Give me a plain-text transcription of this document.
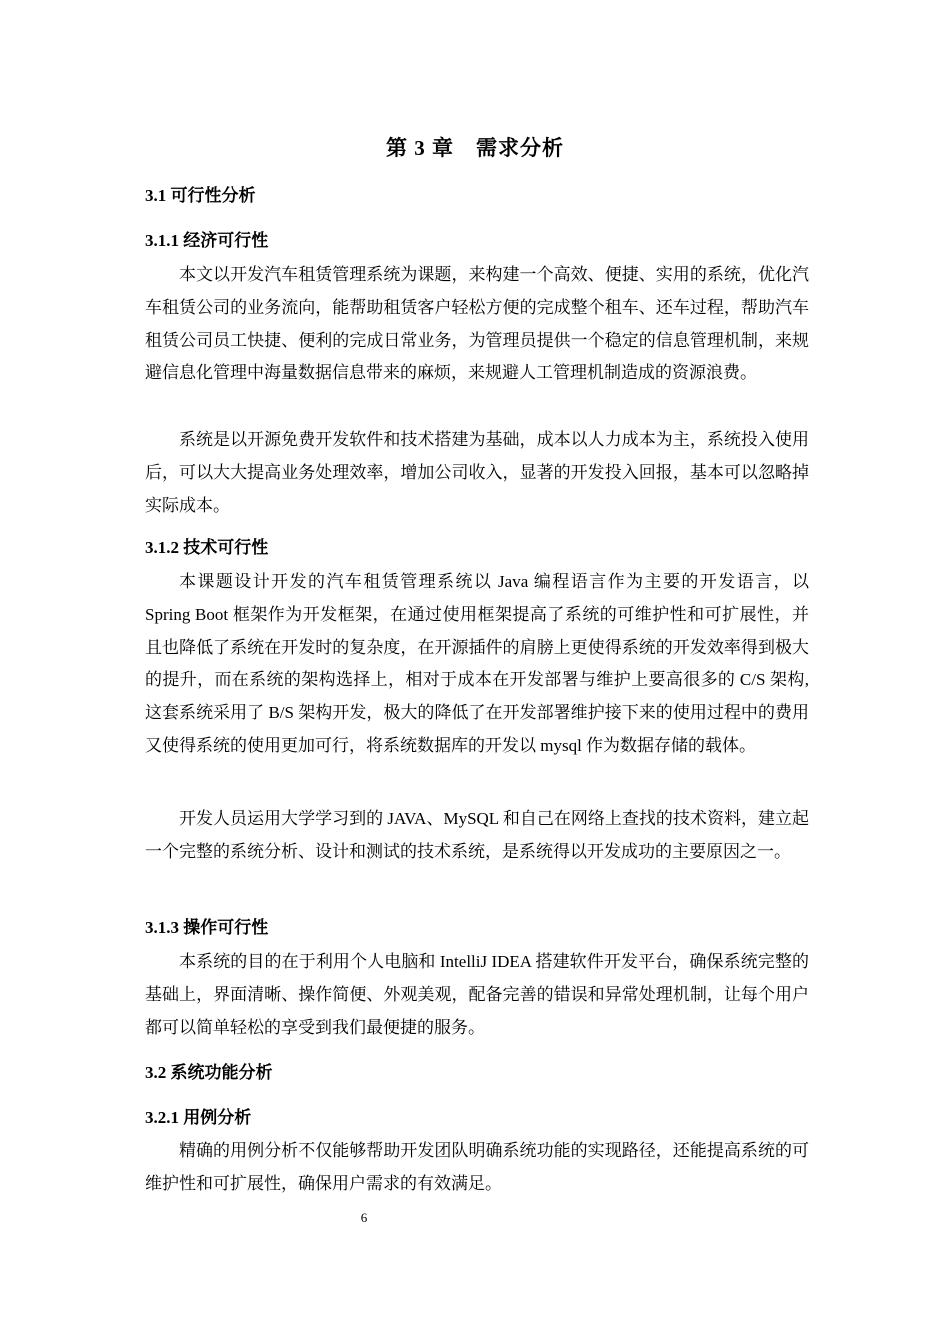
第 3 章　需求分析
3.1 可行性分析
3.1.1 经济可行性

本文以开发汽车租赁管理系统为课题，来构建一个高效、便捷、实用的系统，优化汽车租赁公司的业务流向，能帮助租赁客户轻松方便的完成整个租车、还车过程，帮助汽车租赁公司员工快捷、便利的完成日常业务，为管理员提供一个稳定的信息管理机制，来规避信息化管理中海量数据信息带来的麻烦，来规避人工管理机制造成的资源浪费。

系统是以开源免费开发软件和技术搭建为基础，成本以人力成本为主，系统投入使用后，可以大大提高业务处理效率，增加公司收入，显著的开发投入回报，基本可以忽略掉实际成本。

3.1.2 技术可行性

本课题设计开发的汽车租赁管理系统以 Java 编程语言作为主要的开发语言，以 Spring Boot 框架作为开发框架，在通过使用框架提高了系统的可维护性和可扩展性，并且也降低了系统在开发时的复杂度，在开源插件的肩膀上更使得系统的开发效率得到极大的提升，而在系统的架构选择上，相对于成本在开发部署与维护上要高很多的 C/S 架构,这套系统采用了 B/S 架构开发，极大的降低了在开发部署维护接下来的使用过程中的费用又使得系统的使用更加可行，将系统数据库的开发以 mysql 作为数据存储的载体。

开发人员运用大学学习到的 JAVA、MySQL 和自己在网络上查找的技术资料，建立起一个完整的系统分析、设计和测试的技术系统，是系统得以开发成功的主要原因之一。

3.1.3 操作可行性

本系统的目的在于利用个人电脑和 IntelliJ IDEA 搭建软件开发平台，确保系统完整的基础上，界面清晰、操作简便、外观美观，配备完善的错误和异常处理机制，让每个用户都可以简单轻松的享受到我们最便捷的服务。

3.2 系统功能分析
3.2.1 用例分析

精确的用例分析不仅能够帮助开发团队明确系统功能的实现路径，还能提高系统的可维护性和可扩展性，确保用户需求的有效满足。

6
